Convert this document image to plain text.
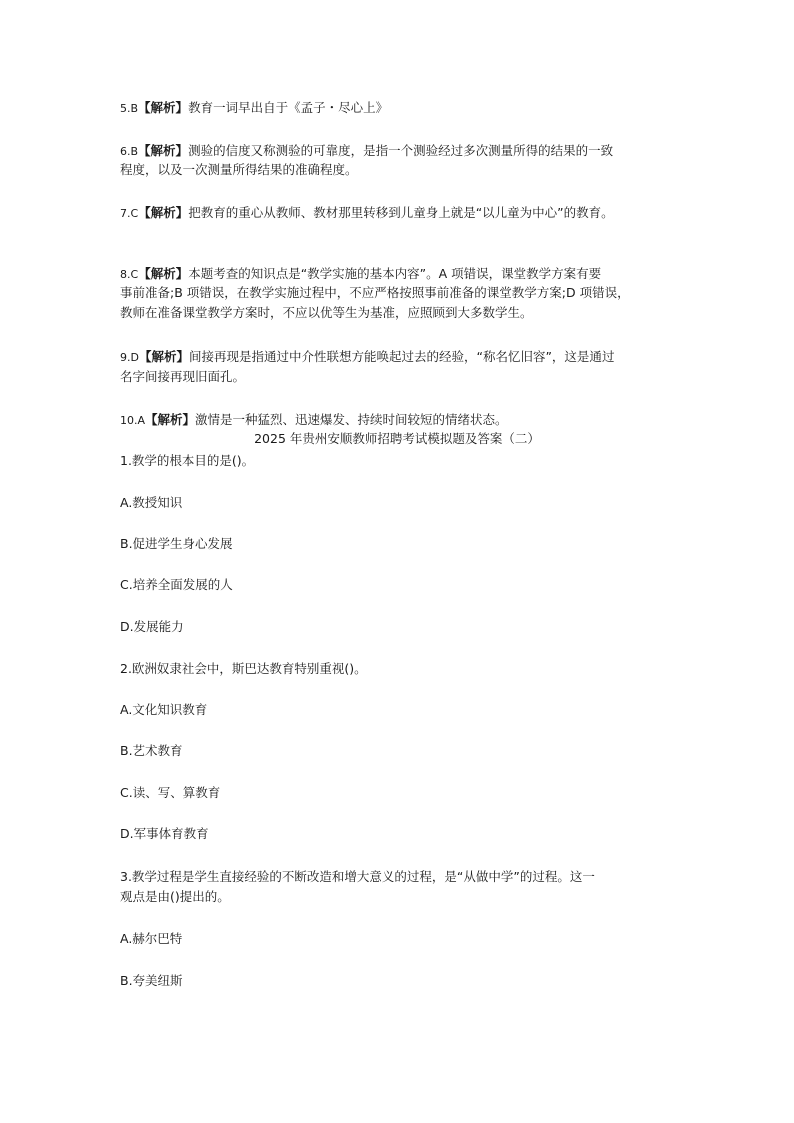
5.B【解析】教育一词早出自于《孟子・尽心上》
6.B【解析】测验的信度又称测验的可靠度，是指一个测验经过多次测量所得的结果的一致
程度，以及一次测量所得结果的准确程度。
7.C【解析】把教育的重心从教师、教材那里转移到儿童身上就是“以儿童为中心”的教育。
8.C【解析】本题考查的知识点是“教学实施的基本内容”。A 项错误，课堂教学方案有要
事前准备;B 项错误，在教学实施过程中，不应严格按照事前准备的课堂教学方案;D 项错误，
教师在准备课堂教学方案时，不应以优等生为基准，应照顾到大多数学生。
9.D【解析】间接再现是指通过中介性联想方能唤起过去的经验，“称名忆旧容”，这是通过
名字间接再现旧面孔。
10.A【解析】激情是一种猛烈、迅速爆发、持续时间较短的情绪状态。
2025 年贵州安顺教师招聘考试模拟题及答案（二）
1.教学的根本目的是()。
A.教授知识
B.促进学生身心发展
C.培养全面发展的人
D.发展能力
2.欧洲奴隶社会中，斯巴达教育特别重视()。
A.文化知识教育
B.艺术教育
C.读、写、算教育
D.军事体育教育
3.教学过程是学生直接经验的不断改造和增大意义的过程，是“从做中学”的过程。这一
观点是由()提出的。
A.赫尔巴特
B.夸美纽斯
